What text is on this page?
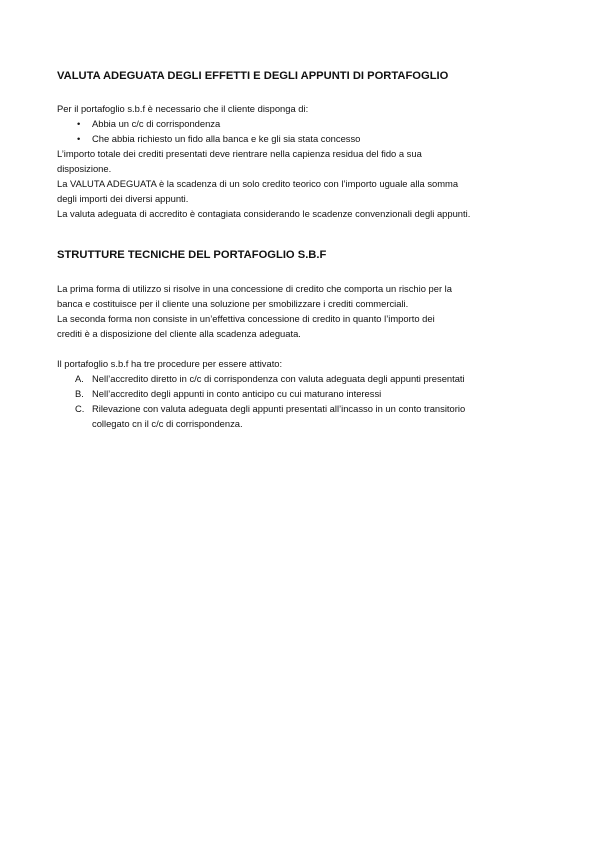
VALUTA ADEGUATA DEGLI EFFETTI E DEGLI APPUNTI DI PORTAFOGLIO

Per il portafoglio s.b.f è necessario che il cliente disponga di:

• Abbia un c/c di corrispondenza
• Che abbia richiesto un fido alla banca e ke gli sia stata concesso

L’importo totale dei crediti presentati deve rientrare nella capienza residua del fido a sua

disposizione.

La VALUTA ADEGUATA è la scadenza di un solo credito teorico con l’importo uguale alla somma

degli importi dei diversi appunti.

La valuta adeguata di accredito è contagiata considerando le scadenze convenzionali degli appunti.

STRUTTURE TECNICHE DEL PORTAFOGLIO S.B.F

La prima forma di utilizzo si risolve in una concessione di credito che comporta un rischio per la

banca e costituisce per il cliente una soluzione per smobilizzare i crediti commerciali.

La seconda forma non consiste in un’effettiva concessione di credito in quanto l’importo dei

crediti è a disposizione del cliente alla scadenza adeguata.

Il portafoglio s.b.f ha tre procedure per essere attivato:

A. Nell’accredito diretto in c/c di corrispondenza con valuta adeguata degli appunti presentati
B. Nell’accredito degli appunti in conto anticipo cu cui maturano interessi
C. Rilevazione con valuta adeguata degli appunti presentati all’incasso in un conto transitorio
collegato cn il c/c di corrispondenza.
